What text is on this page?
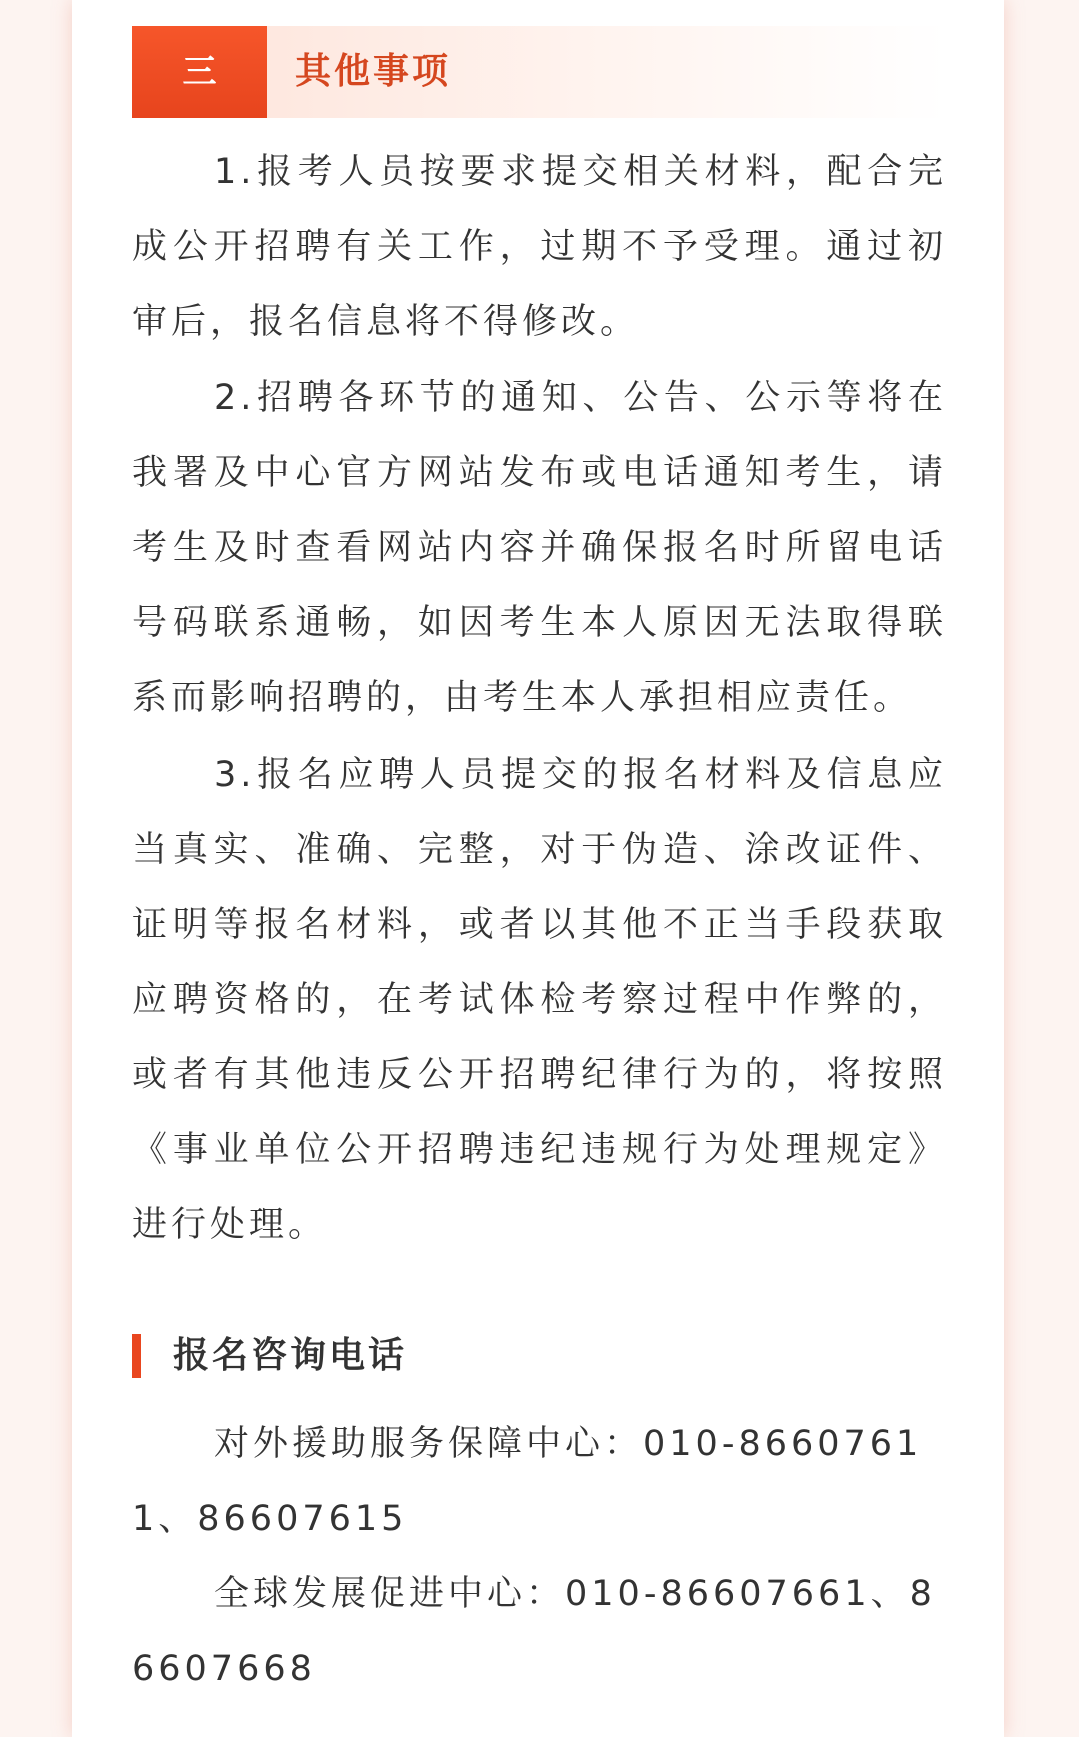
三	其他事项

1.报考人员按要求提交相关材料，配合完成公开招聘有关工作，过期不予受理。通过初审后，报名信息将不得修改。

2.招聘各环节的通知、公告、公示等将在我署及中心官方网站发布或电话通知考生，请考生及时查看网站内容并确保报名时所留电话号码联系通畅，如因考生本人原因无法取得联系而影响招聘的，由考生本人承担相应责任。

3.报名应聘人员提交的报名材料及信息应当真实、准确、完整，对于伪造、涂改证件、证明等报名材料，或者以其他不正当手段获取应聘资格的，在考试体检考察过程中作弊的，或者有其他违反公开招聘纪律行为的，将按照《事业单位公开招聘违纪违规行为处理规定》进行处理。

报名咨询电话

对外援助服务保障中心：010-86607611、86607615

全球发展促进中心：010-86607661、86607668
